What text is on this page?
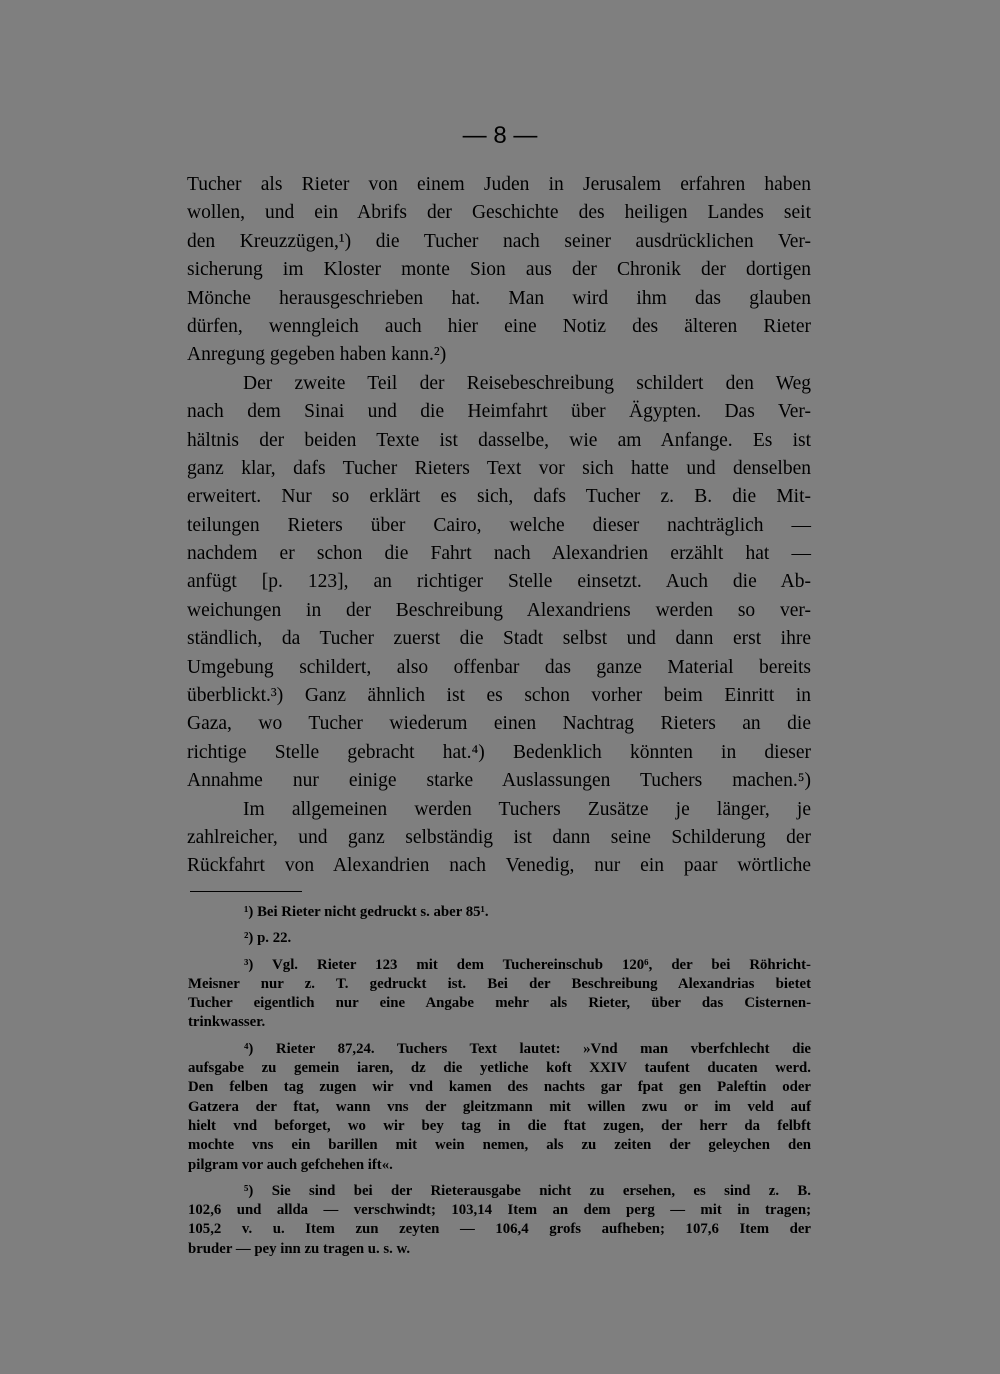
— 8 —
Tucher als Rieter von einem Juden in Jerusalem erfahren haben
wollen, und ein Abrifs der Geschichte des heiligen Landes seit
den Kreuzzügen,¹) die Tucher nach seiner ausdrücklichen Ver-
sicherung im Kloster monte Sion aus der Chronik der dortigen
Mönche herausgeschrieben hat. Man wird ihm das glauben
dürfen, wenngleich auch hier eine Notiz des älteren Rieter
Anregung gegeben haben kann.²)
Der zweite Teil der Reisebeschreibung schildert den Weg
nach dem Sinai und die Heimfahrt über Ägypten. Das Ver-
hältnis der beiden Texte ist dasselbe, wie am Anfange. Es ist
ganz klar, dafs Tucher Rieters Text vor sich hatte und denselben
erweitert. Nur so erklärt es sich, dafs Tucher z. B. die Mit-
teilungen Rieters über Cairo, welche dieser nachträglich —
nachdem er schon die Fahrt nach Alexandrien erzählt hat —
anfügt [p. 123], an richtiger Stelle einsetzt. Auch die Ab-
weichungen in der Beschreibung Alexandriens werden so ver-
ständlich, da Tucher zuerst die Stadt selbst und dann erst ihre
Umgebung schildert, also offenbar das ganze Material bereits
überblickt.³) Ganz ähnlich ist es schon vorher beim Einritt in
Gaza, wo Tucher wiederum einen Nachtrag Rieters an die
richtige Stelle gebracht hat.⁴) Bedenklich könnten in dieser
Annahme nur einige starke Auslassungen Tuchers machen.⁵)
Im allgemeinen werden Tuchers Zusätze je länger, je
zahlreicher, und ganz selbständig ist dann seine Schilderung der
Rückfahrt von Alexandrien nach Venedig, nur ein paar wörtliche
¹) Bei Rieter nicht gedruckt s. aber 85¹.
²) p. 22.
³) Vgl. Rieter 123 mit dem Tuchereinschub 120⁶, der bei Röhricht-
Meisner nur z. T. gedruckt ist. Bei der Beschreibung Alexandrias bietet
Tucher eigentlich nur eine Angabe mehr als Rieter, über das Cisternen-
trinkwasser.
⁴) Rieter 87,24. Tuchers Text lautet: »Vnd man vberfchlecht die
aufsgabe zu gemein iaren, dz die yetliche koft XXIV taufent ducaten werd.
Den felben tag zugen wir vnd kamen des nachts gar fpat gen Paleftin oder
Gatzera der ftat, wann vns der gleitzmann mit willen zwu or im veld auf
hielt vnd beforget, wo wir bey tag in die ftat zugen, der herr da felbft
mochte vns ein barillen mit wein nemen, als zu zeiten der geleychen den
pilgram vor auch gefchehen ift«.
⁵) Sie sind bei der Rieterausgabe nicht zu ersehen, es sind z. B.
102,6 und allda — verschwindt; 103,14 Item an dem perg — mit in tragen;
105,2 v. u. Item zun zeyten — 106,4 grofs aufheben; 107,6 Item der
bruder — pey inn zu tragen u. s. w.
